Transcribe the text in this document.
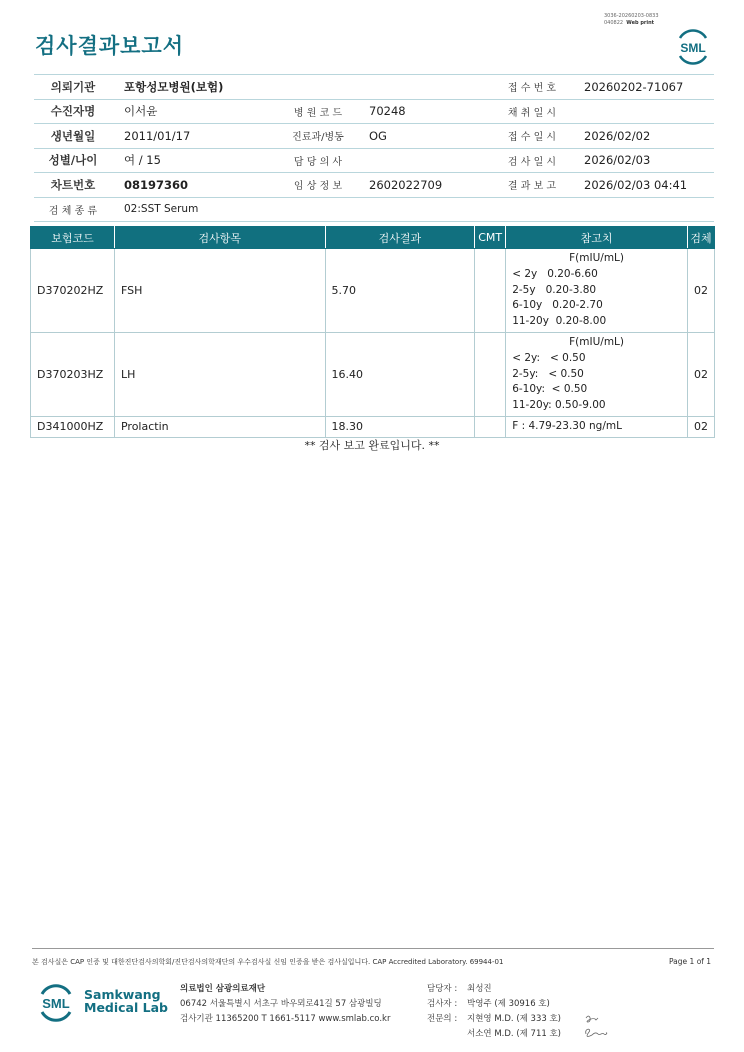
검사결과보고서
3036-20260203-0833
040822 Web print
SML
의뢰기관	포항성모병원(보험)			접 수 번 호	20260202-71067
수진자명	이서윤	병 원 코 드	70248	채 취 일 시	
생년월일	2011/01/17	진료과/병동	OG	접 수 일 시	2026/02/02
성별/나이	여 / 15	담 당 의 사		검 사 일 시	2026/02/03
차트번호	08197360	임 상 정 보	2602022709	결 과 보 고	2026/02/03 04:41
검 체 종 류	02:SST Serum				
보험코드	검사항목	검사결과	CMT	참고치	검체
D370202HZ	FSH	5.70		F(mIU/mL)
< 2y   0.20-6.60
2-5y   0.20-3.80
6-10y   0.20-2.70
11-20y  0.20-8.00	02
D370203HZ	LH	16.40		F(mIU/mL)
< 2y:   < 0.50
2-5y:   < 0.50
6-10y:  < 0.50
11-20y: 0.50-9.00	02
D341000HZ	Prolactin	18.30		F : 4.79-23.30 ng/mL	02
** 검사 보고 완료입니다. **
본 검사실은 CAP 인증 및 대한진단검사의학회/진단검사의학재단의 우수검사실 신임 인증을 받은 검사실입니다. CAP Accredited Laboratory. 69944-01	Page 1 of 1
SML
Samkwang
Medical Lab
의료법인 삼광의료재단
06742 서울특별시 서초구 바우뫼로41길 57 삼광빌딩
검사기관 11365200 T 1661-5117 www.smlab.co.kr
담당자 : 최성진
검사자 : 박영주 (제 30916 호)
전문의 : 지현영 M.D. (제 333 호)
서소연 M.D. (제 711 호)
